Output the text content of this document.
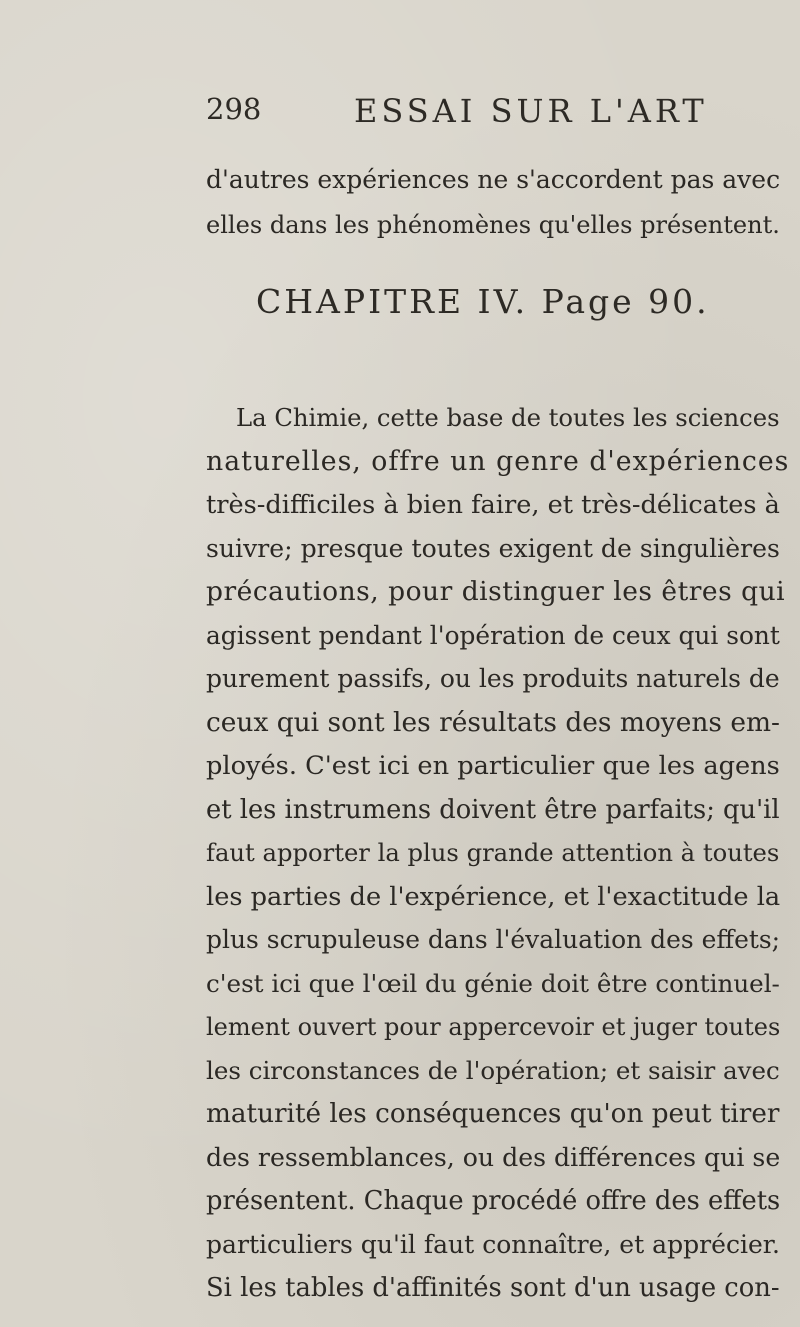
298	ESSAI SUR L'ART
d'autres expériences ne s'accordent pas avec
elles dans les phénomènes qu'elles présentent.
CHAPITRE IV. Page 90.
La Chimie, cette base de toutes les sciences
naturelles, offre un genre d'expériences
très-difficiles à bien faire, et très-délicates à
suivre; presque toutes exigent de singulières
précautions, pour distinguer les êtres qui
agissent pendant l'opération de ceux qui sont
purement passifs, ou les produits naturels de
ceux qui sont les résultats des moyens em-
ployés. C'est ici en particulier que les agens
et les instrumens doivent être parfaits; qu'il
faut apporter la plus grande attention à toutes
les parties de l'expérience, et l'exactitude la
plus scrupuleuse dans l'évaluation des effets;
c'est ici que l'œil du génie doit être continuel-
lement ouvert pour appercevoir et juger toutes
les circonstances de l'opération; et saisir avec
maturité les conséquences qu'on peut tirer
des ressemblances, ou des différences qui se
présentent. Chaque procédé offre des effets
particuliers qu'il faut connaître, et apprécier.
Si les tables d'affinités sont d'un usage con-
